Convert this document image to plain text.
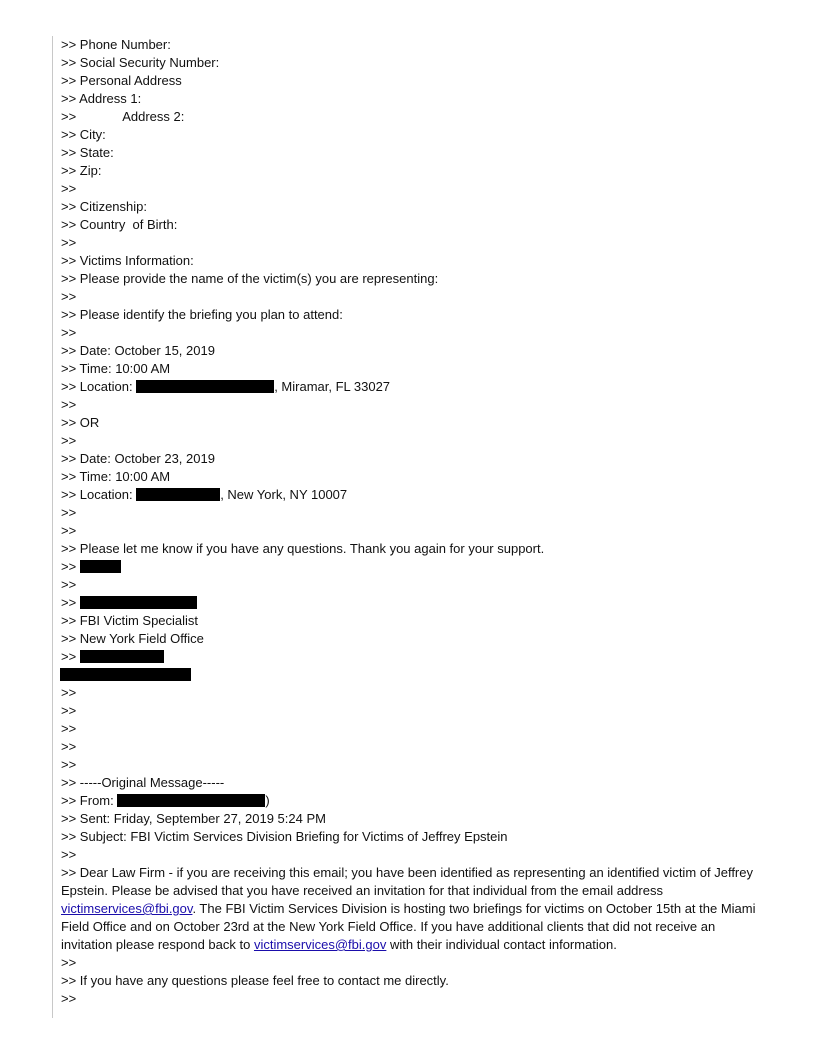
>> Phone Number:
>> Social Security Number:
>> Personal Address
>> Address 1:
>>	Address 2:
>> City:
>> State:
>> Zip:
>>
>> Citizenship:
>> Country  of Birth:
>>
>> Victims Information:
>> Please provide the name of the victim(s) you are representing:
>>
>> Please identify the briefing you plan to attend:
>>
>> Date: October 15, 2019
>> Time: 10:00 AM
>> Location:	, Miramar, FL 33027
>>
>> OR
>>
>> Date: October 23, 2019
>> Time: 10:00 AM
>> Location:	, New York, NY 10007
>>
>>
>> Please let me know if you have any questions. Thank you again for your support.
>>
>>
>>
>> FBI Victim Specialist
>> New York Field Office
>>
>>
>>
>>
>>
>>
>> -----Original Message-----
>> From:	)
>> Sent: Friday, September 27, 2019 5:24 PM
>> Subject: FBI Victim Services Division Briefing for Victims of Jeffrey Epstein
>>
>> Dear Law Firm - if you are receiving this email; you have been identified as representing an identified victim of Jeffrey Epstein. Please be advised that you have received an invitation for that individual from the email address victimservices@fbi.gov. The FBI Victim Services Division is hosting two briefings for victims on October 15th at the Miami Field Office and on October 23rd at the New York Field Office. If you have additional clients that did not receive an invitation please respond back to victimservices@fbi.gov with their individual contact information.
>>
>> If you have any questions please feel free to contact me directly.
>>
